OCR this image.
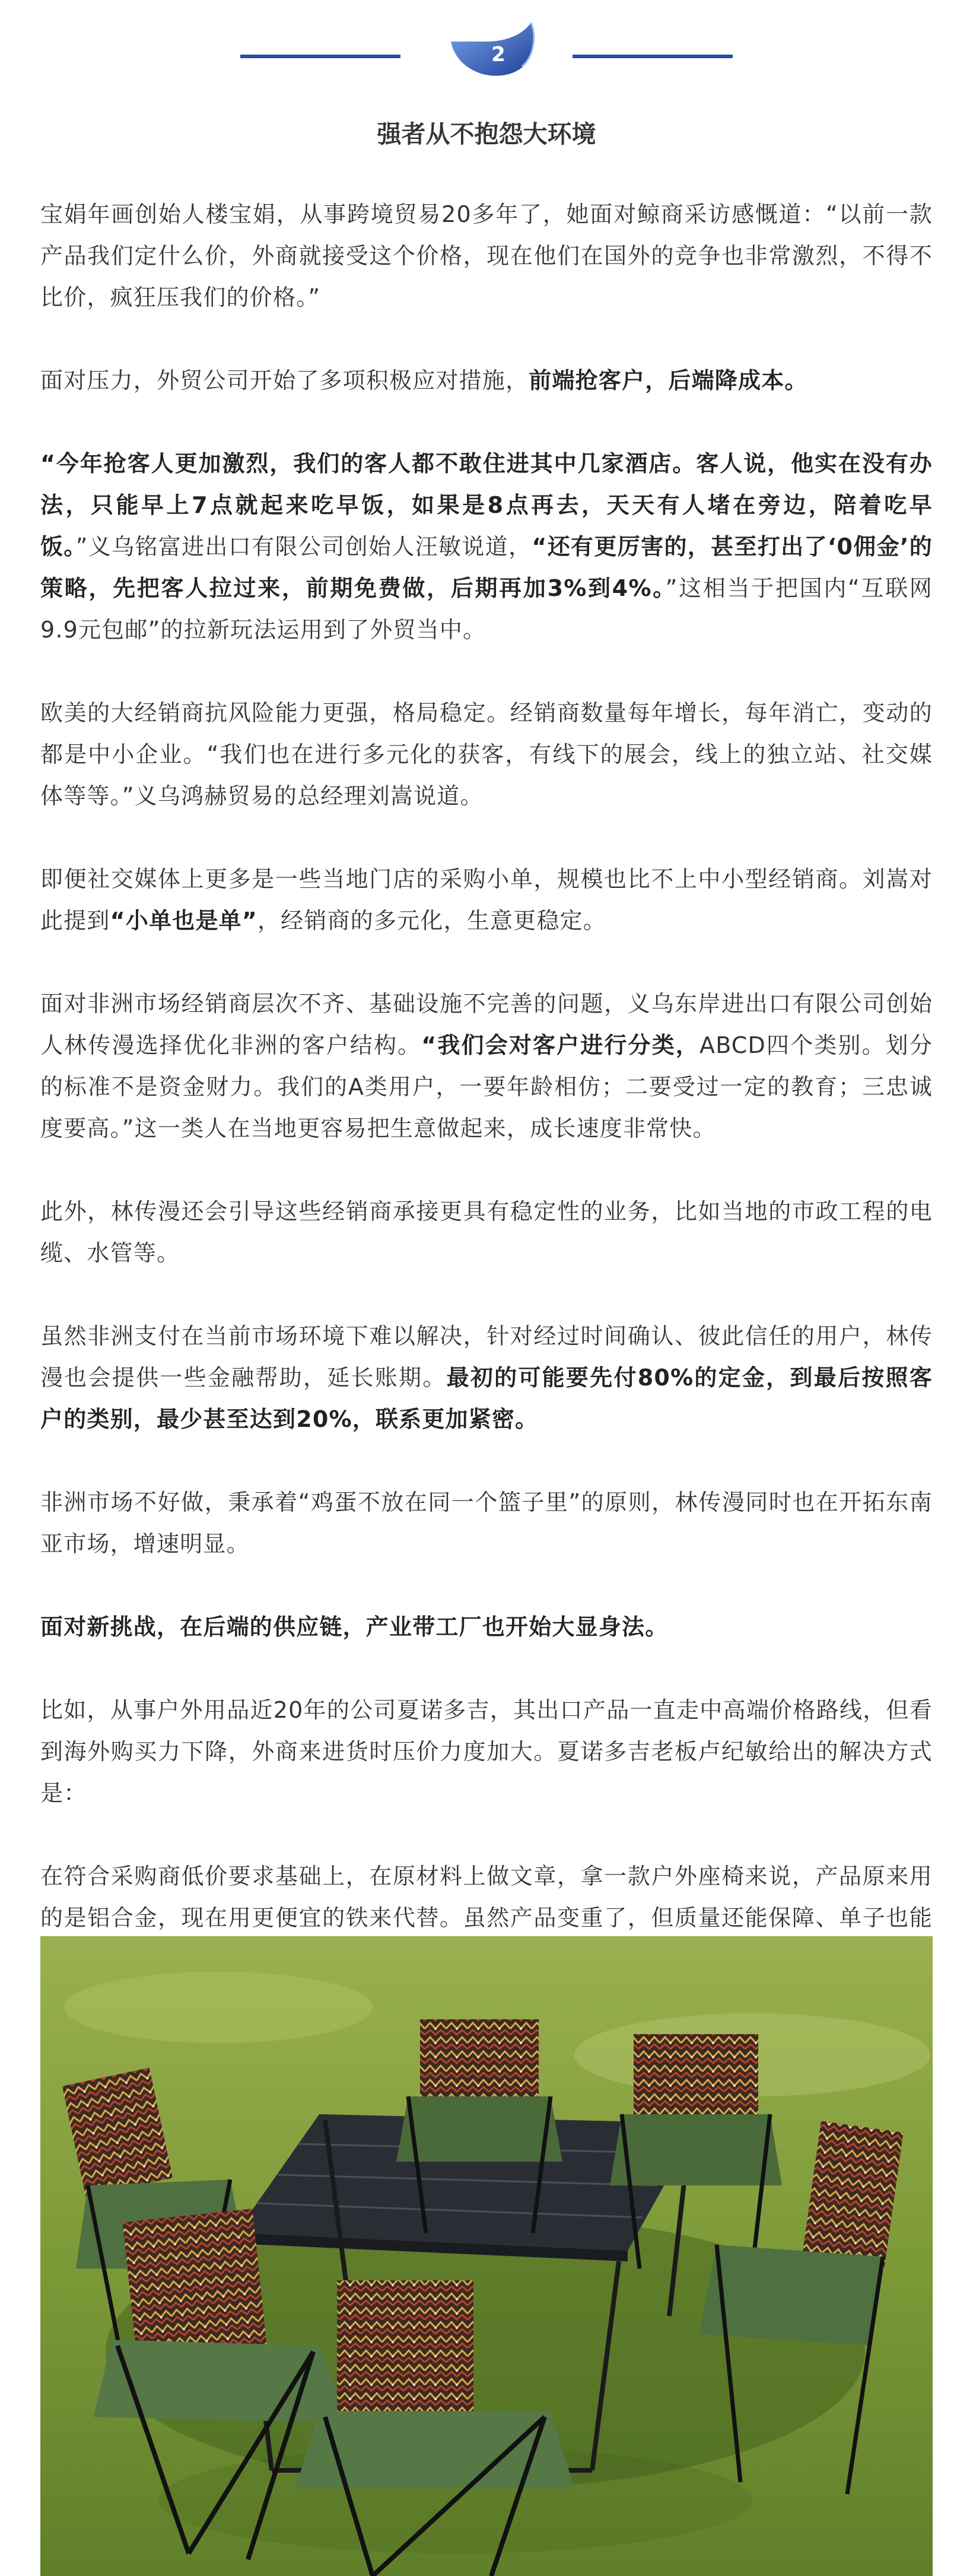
2
强者从不抱怨大环境

宝娟年画创始人楼宝娟，从事跨境贸易20多年了，她面对鲸商采访感慨道：“以前一款产品我们定什么价，外商就接受这个价格，现在他们在国外的竞争也非常激烈，不得不比价，疯狂压我们的价格。”

面对压力，外贸公司开始了多项积极应对措施，前端抢客户，后端降成本。

“今年抢客人更加激烈，我们的客人都不敢住进其中几家酒店。客人说，他实在没有办法，只能早上7点就起来吃早饭，如果是8点再去，天天有人堵在旁边，陪着吃早饭。”义乌铭富进出口有限公司创始人汪敏说道，“还有更厉害的，甚至打出了‘0佣金’的策略，先把客人拉过来，前期免费做，后期再加3%到4%。”这相当于把国内“互联网9.9元包邮”的拉新玩法运用到了外贸当中。

欧美的大经销商抗风险能力更强，格局稳定。经销商数量每年增长，每年消亡，变动的都是中小企业。“我们也在进行多元化的获客，有线下的展会，线上的独立站、社交媒体等等。”义乌鸿赫贸易的总经理刘嵩说道。

即便社交媒体上更多是一些当地门店的采购小单，规模也比不上中小型经销商。刘嵩对此提到“小单也是单”，经销商的多元化，生意更稳定。

面对非洲市场经销商层次不齐、基础设施不完善的问题，义乌东岸进出口有限公司创始人林传漫选择优化非洲的客户结构。“我们会对客户进行分类，ABCD四个类别。划分的标准不是资金财力。我们的A类用户，一要年龄相仿；二要受过一定的教育；三忠诚度要高。”这一类人在当地更容易把生意做起来，成长速度非常快。

此外，林传漫还会引导这些经销商承接更具有稳定性的业务，比如当地的市政工程的电缆、水管等。

虽然非洲支付在当前市场环境下难以解决，针对经过时间确认、彼此信任的用户，林传漫也会提供一些金融帮助，延长账期。最初的可能要先付80%的定金，到最后按照客户的类别，最少甚至达到20%，联系更加紧密。

非洲市场不好做，秉承着“鸡蛋不放在同一个篮子里”的原则，林传漫同时也在开拓东南亚市场，增速明显。

面对新挑战，在后端的供应链，产业带工厂也开始大显身法。

比如，从事户外用品近20年的公司夏诺多吉，其出口产品一直走中高端价格路线，但看到海外购买力下降，外商来进货时压价力度加大。夏诺多吉老板卢纪敏给出的解决方式是：

在符合采购商低价要求基础上，在原材料上做文章，拿一款户外座椅来说，产品原来用的是铝合金，现在用更便宜的铁来代替。虽然产品变重了，但质量还能保障、单子也能
